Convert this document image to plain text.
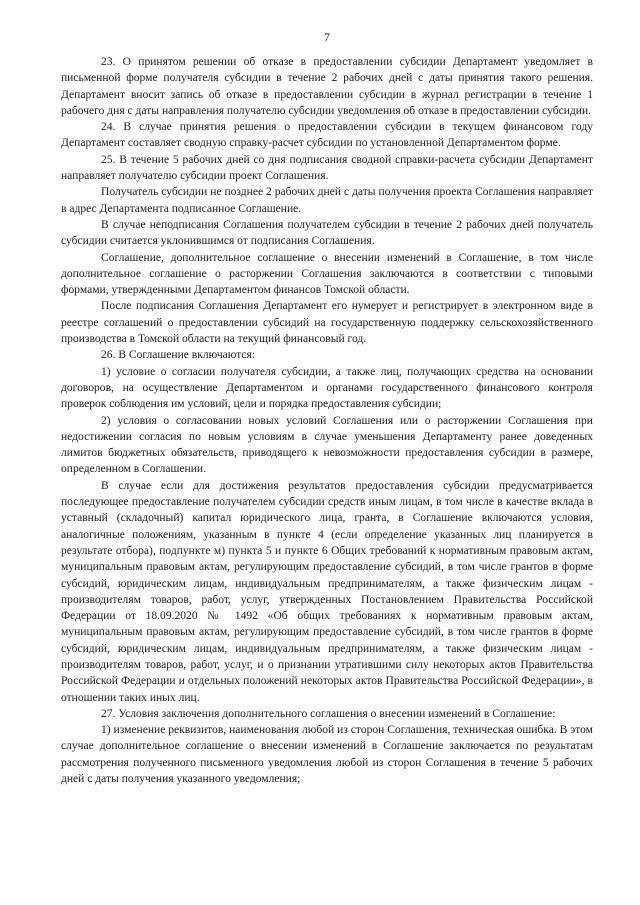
7

23. О принятом решении об отказе в предоставлении субсидии Департамент уведомляет в письменной форме получателя субсидии в течение 2 рабочих дней с даты принятия такого решения. Департамент вносит запись об отказе в предоставлении субсидии в журнал регистрации в течение 1 рабочего дня с даты направления получателю субсидии уведомления об отказе в предоставлении субсидии.

24. В случае принятия решения о предоставлении субсидии в текущем финансовом году Департамент составляет сводную справку-расчет субсидии по установленной Департаментом форме.

25. В течение 5 рабочих дней со дня подписания сводной справки-расчета субсидии Департамент направляет получателю субсидии проект Соглашения.

Получатель субсидии не позднее 2 рабочих дней с даты получения проекта Соглашения направляет в адрес Департамента подписанное Соглашение.

В случае неподписания Соглашения получателем субсидии в течение 2 рабочих дней получатель субсидии считается уклонившимся от подписания Соглашения.

Соглашение, дополнительное соглашение о внесении изменений в Соглашение, в том числе дополнительное соглашение о расторжении Соглашения заключаются в соответствии с типовыми формами, утвержденными Департаментом финансов Томской области.

После подписания Соглашения Департамент его нумерует и регистрирует в электронном виде в реестре соглашений о предоставлении субсидий на государственную поддержку сельскохозяйственного производства в Томской области на текущий финансовый год.

26. В Соглашение включаются:

1) условие о согласии получателя субсидии, а также лиц, получающих средства на основании договоров, на осуществление Департаментом и органами государственного финансового контроля проверок соблюдения им условий, цели и порядка предоставления субсидии;

2) условия о согласовании новых условий Соглашения или о расторжении Соглашения при недостижении согласия по новым условиям в случае уменьшения Департаменту ранее доведенных лимитов бюджетных обязательств, приводящего к невозможности предоставления субсидии в размере, определенном в Соглашении.

В случае если для достижения результатов предоставления субсидии предусматривается последующее предоставление получателем субсидии средств иным лицам, в том числе в качестве вклада в уставный (складочный) капитал юридического лица, гранта, в Соглашение включаются условия, аналогичные положениям, указанным в пункте 4 (если определение указанных лиц планируется в результате отбора), подпункте м) пункта 5 и пункте 6 Общих требований к нормативным правовым актам, муниципальным правовым актам, регулирующим предоставление субсидий, в том числе грантов в форме субсидий, юридическим лицам, индивидуальным предпринимателям, а также физическим лицам - производителям товаров, работ, услуг, утвержденных Постановлением Правительства Российской Федерации от 18.09.2020 № 1492 «Об общих требованиях к нормативным правовым актам, муниципальным правовым актам, регулирующим предоставление субсидий, в том числе грантов в форме субсидий, юридическим лицам, индивидуальным предпринимателям, а также физическим лицам - производителям товаров, работ, услуг, и о признании утратившими силу некоторых актов Правительства Российской Федерации и отдельных положений некоторых актов Правительства Российской Федерации», в отношении таких иных лиц.

27. Условия заключения дополнительного соглашения о внесении изменений в Соглашение:

1) изменение реквизитов, наименования любой из сторон Соглашения, техническая ошибка. В этом случае дополнительное соглашение о внесении изменений в Соглашение заключается по результатам рассмотрения полученного письменного уведомления любой из сторон Соглашения в течение 5 рабочих дней с даты получения указанного уведомления;
